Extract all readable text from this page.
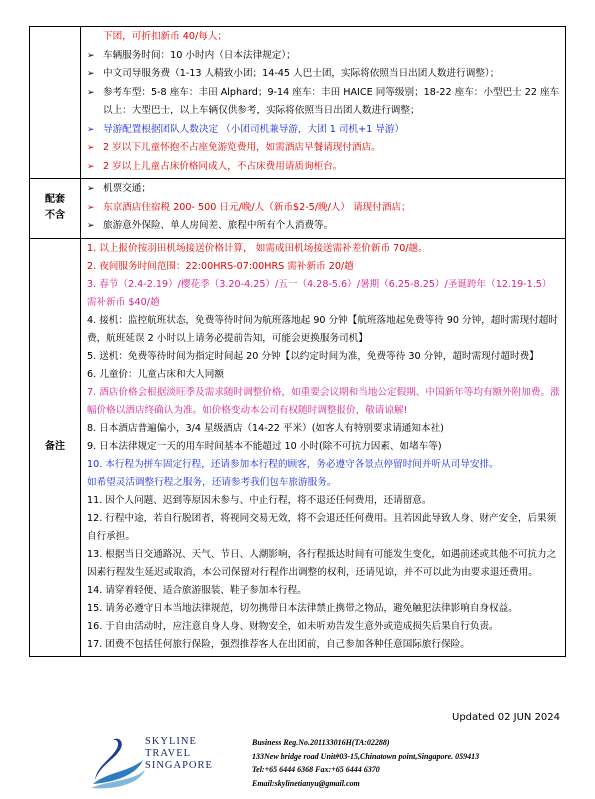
下团，可折扣新币 40/每人；
➢ 车辆服务时间：10 小时内（日本法律规定）；
➢ 中文司导服务费（1-13 人精致小团；14-45 人巴士团，实际将依照当日出团人数进行调整）；
➢ 参考车型：5-8 座车：丰田 Alphard；9-14 座车：丰田 HAICE 同等级别；18-22 座车：小型巴士 22 座车以上：大型巴士，以上车辆仅供参考，实际将依照当日出团人数进行调整；
➢ 导游配置根据团队人数决定 （小团司机兼导游，大团 1 司机+1 导游）
➢ 2 岁以下儿童怀抱不占座免游览费用，如需酒店早餐请现付酒店。
➢ 2 岁以上儿童占床价格同成人，不占床费用请质询柜台。
配套不含
➢ 机票交通；
➢ 东京酒店住宿税 200- 500 日元/晚/人（新币$2-5/晚/人） 请现付酒店；
➢ 旅游意外保险、单人房间差、旅程中所有个人消费等。
备注
1. 以上报价按羽田机场接送价格计算， 如需成田机场接送需补差价新币 70/趟。
2. 夜间服务时间范围：22:00HRS-07:00HRS 需补新币 20/趟
3. 春节（2.4-2.19）/樱花季（3.20-4.25）/五一（4.28-5.6）/暑期（6.25-8.25）/圣诞跨年（12.19-1.5）需补新币 $40/趟
4. 接机：监控航班状态，免费等待时间为航班落地起 90 分钟【航班落地起免费等待 90 分钟，超时需现付超时费，航班延误 2 小时以上请务必提前告知，可能会更换服务司机】
5. 送机：免费等待时间为指定时间起 20 分钟【以约定时间为准，免费等待 30 分钟，超时需现付超时费】
6. 儿童价：儿童占床和大人同额
7. 酒店价格会根据淡旺季及需求随时调整价格，如重要会议期和当地公定假期、中国新年等均有额外附加费。涨幅价格以酒店终确认为准。如价格变动本公司有权随时调整报价，敬请谅解!
8. 日本酒店普遍偏小，3/4 星级酒店（14-22 平米）(如客人有特别要求请通知本社)
9. 日本法律规定一天的用车时间基本不能超过 10 小时(除不可抗力因素、如堵车等)
10. 本行程为拼车固定行程，还请参加本行程的顾客，务必遵守各景点停留时间并听从司导安排。
如希望灵活调整行程之服务，还请参考我们包车旅游服务。
11. 因个人问题、迟到等原因未参与、中止行程，将不退还任何费用，还请留意。
12. 行程中途，若自行脱团者，将视同交易无效，将不会退还任何费用。且若因此导致人身、财产安全，后果须自行承担。
13. 根据当日交通路况、天气、节日、人潮影响，各行程抵达时间有可能发生变化，如遇前述或其他不可抗力之因素行程发生延迟或取消，本公司保留对行程作出调整的权利，还请见谅，并不可以此为由要求退还费用。
14. 请穿着轻便、适合旅游服装、鞋子参加本行程。
15. 请务必遵守日本当地法律规范，切勿携带日本法律禁止携带之物品，避免触犯法律影响自身权益。
16. 于自由活动时，应注意自身人身、财物安全，如未听劝告发生意外或造成损失后果自行负责。
17. 团费不包括任何旅行保险，强烈推荐客人在出团前，自己参加各种任意国际旅行保险。
Updated 02 JUN 2024
SKYLINE
TRAVEL
SINGAPORE
Business Reg.No.201133016H(TA:02288)
133New bridge road Unit#03-15,Chinatown point,Singapore. 059413
Tel:+65 6444 6368 Fax:+65 6444 6370
Email:skylinetianyu@gmail.com
